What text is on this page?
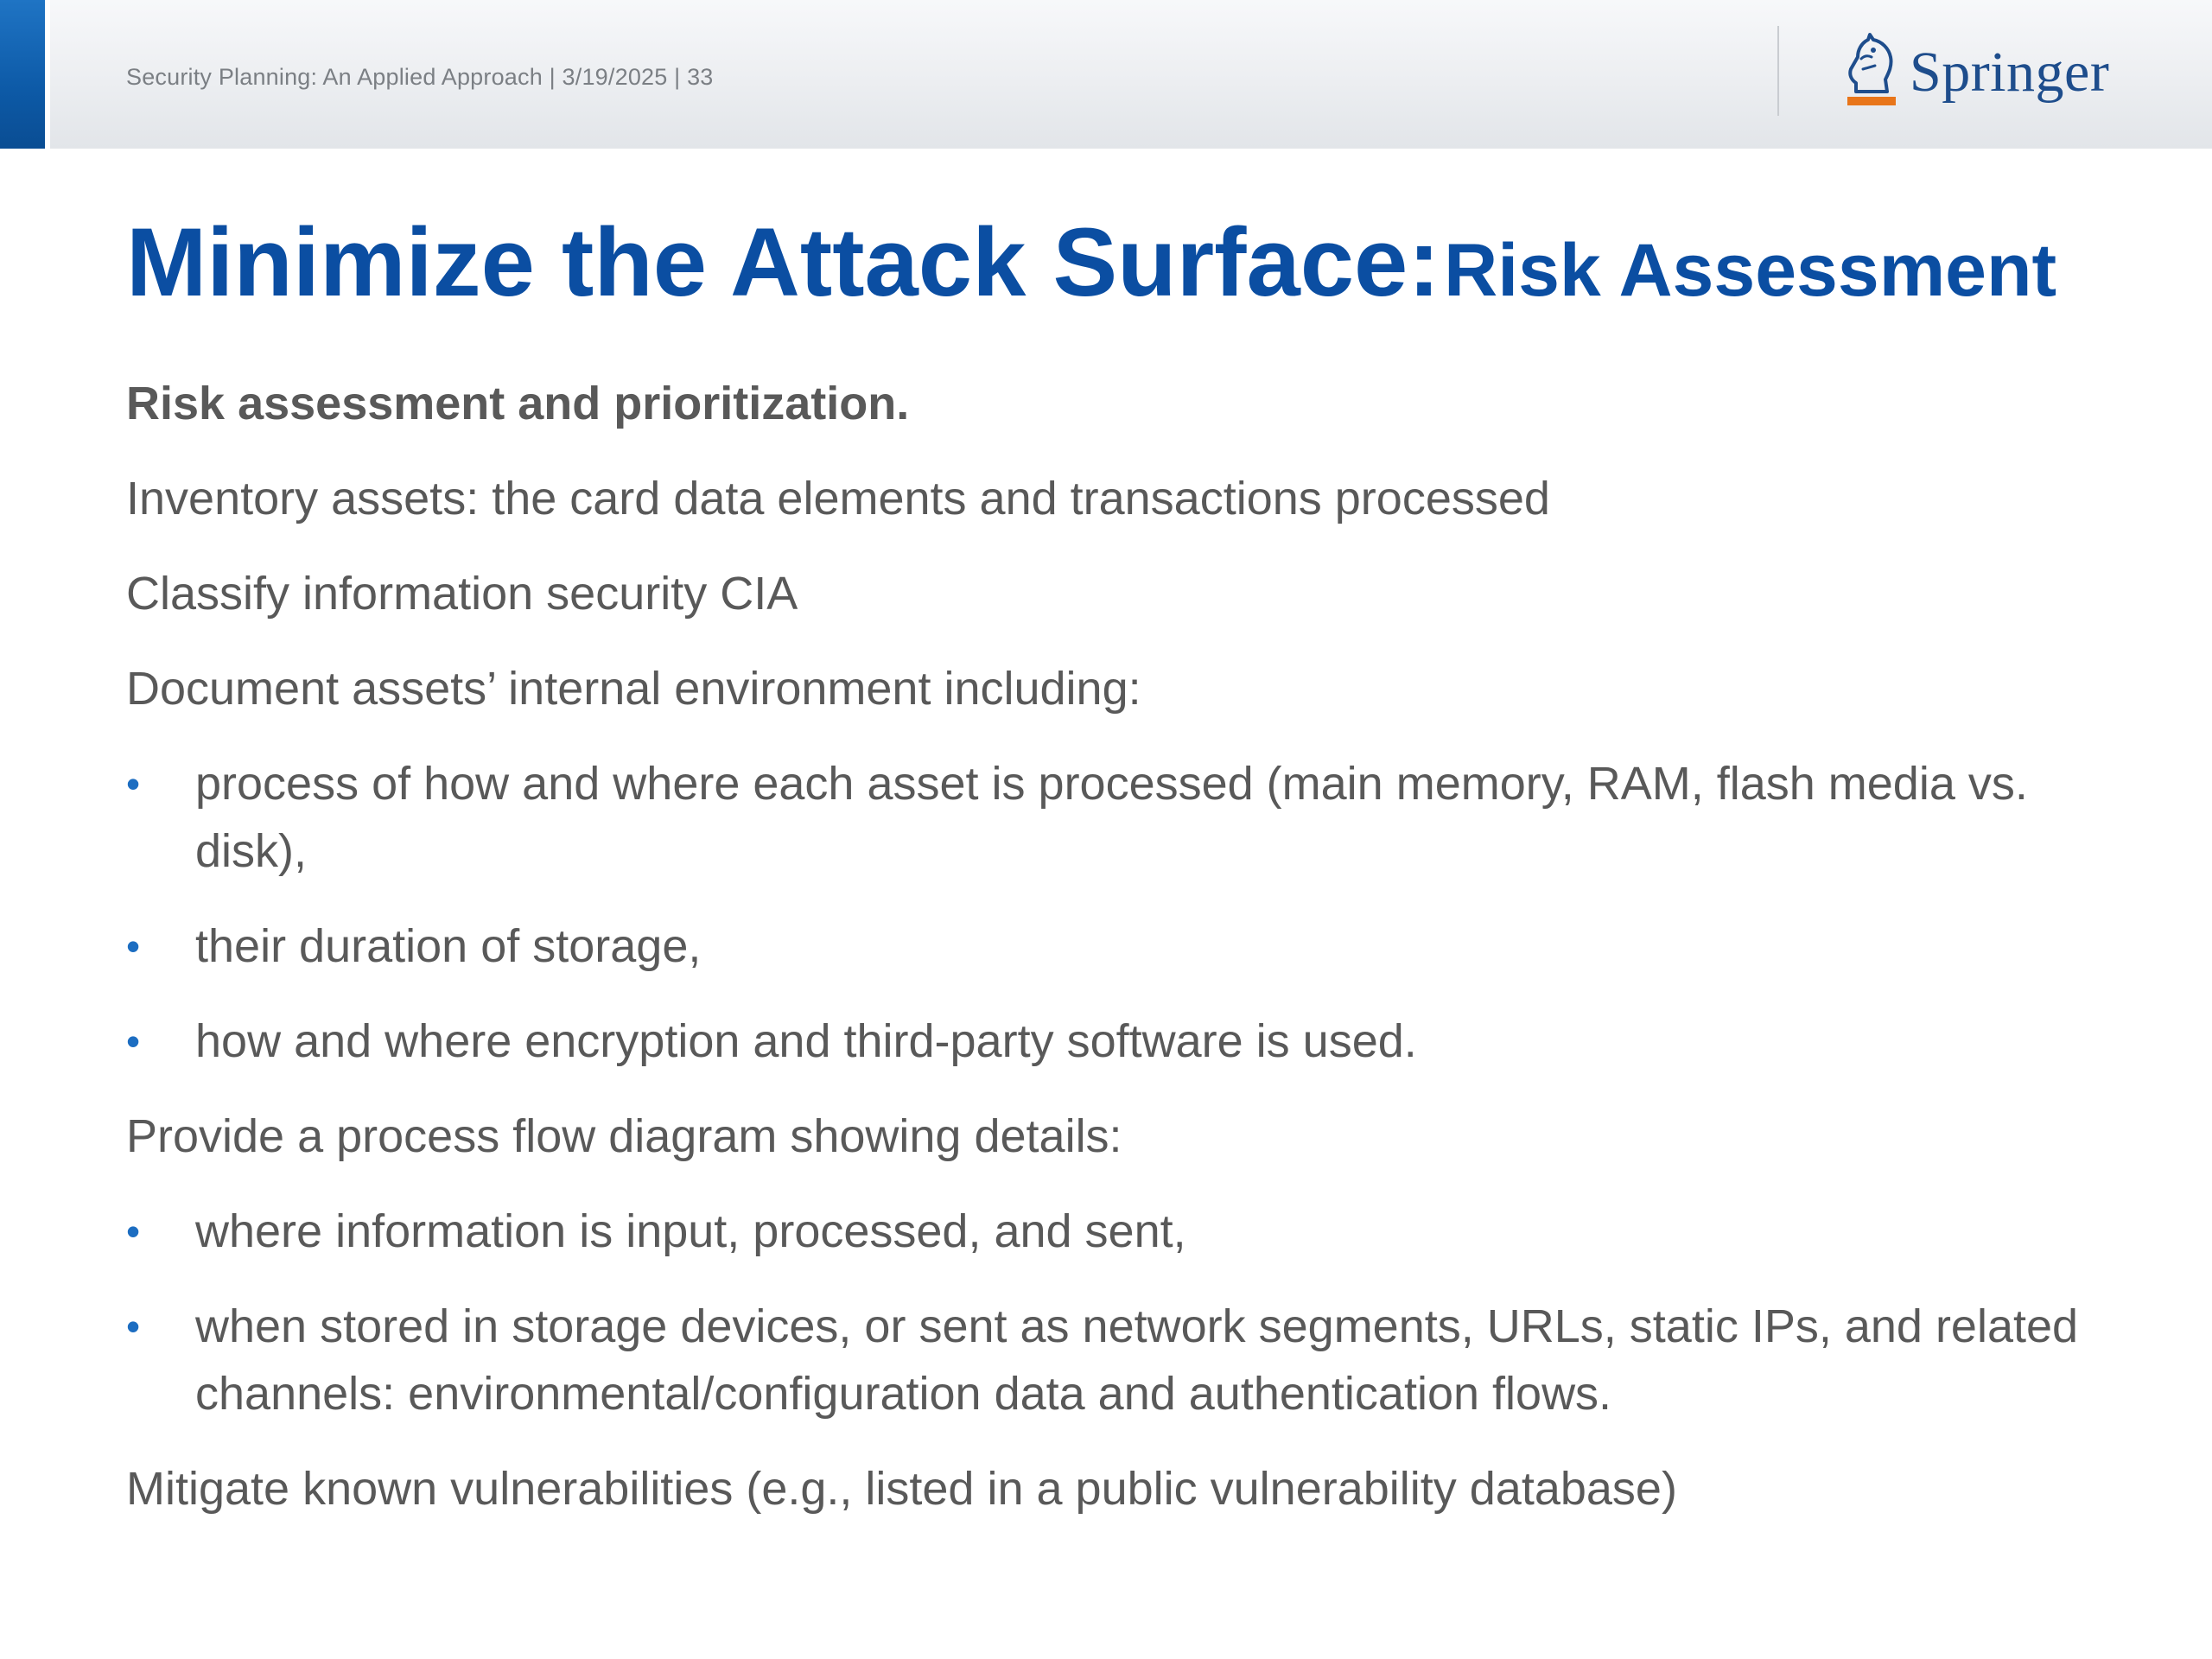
Security Planning: An Applied Approach | 3/19/2025 | 33	Springer
Minimize the Attack Surface: Risk Assessment

Risk assessment and prioritization.

Inventory assets: the card data elements and transactions processed

Classify information security CIA

Document assets’ internal environment including:

• process of how and where each asset is processed (main memory, RAM, flash media vs. disk),
• their duration of storage,
• how and where encryption and third-party software is used.

Provide a process flow diagram showing details:

• where information is input, processed, and sent,
• when stored in storage devices, or sent as network segments, URLs, static IPs, and related channels: environmental/configuration data and authentication flows.

Mitigate known vulnerabilities (e.g., listed in a public vulnerability database)
